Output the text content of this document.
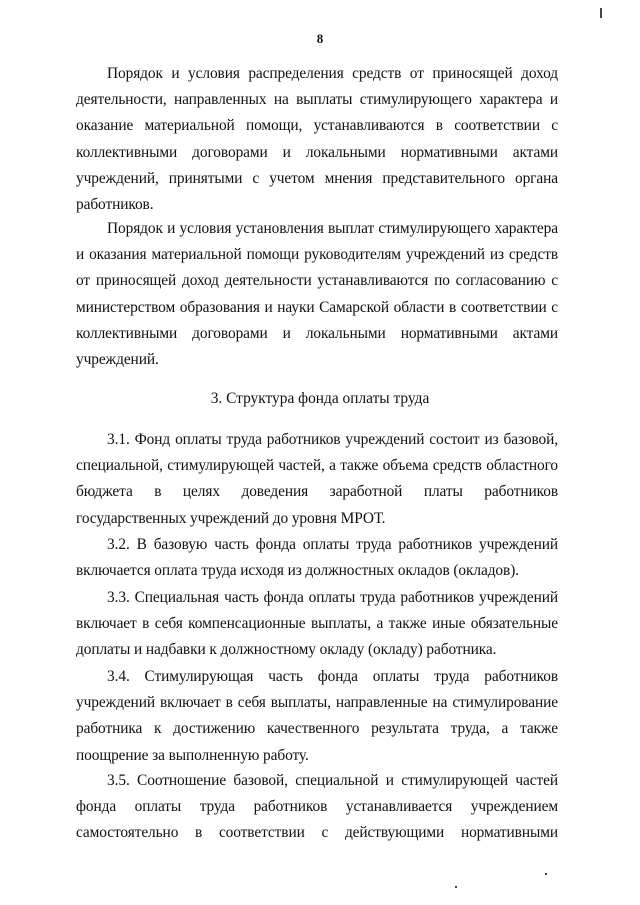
8

Порядок и условия распределения средств от приносящей доход деятельности, направленных на выплаты стимулирующего характера и оказание материальной помощи, устанавливаются в соответствии с коллективными договорами и локальными нормативными актами учреждений, принятыми с учетом мнения представительного органа работников.

Порядок и условия установления выплат стимулирующего характера и оказания материальной помощи руководителям учреждений из средств от приносящей доход деятельности устанавливаются по согласованию с министерством образования и науки Самарской области в соответствии с коллективными договорами и локальными нормативными актами учреждений.

3. Структура фонда оплаты труда

3.1. Фонд оплаты труда работников учреждений состоит из базовой, специальной, стимулирующей частей, а также объема средств областного бюджета в целях доведения заработной платы работников государственных учреждений до уровня МРОТ.

3.2. В базовую часть фонда оплаты труда работников учреждений включается оплата труда исходя из должностных окладов (окладов).

3.3. Специальная часть фонда оплаты труда работников учреждений включает в себя компенсационные выплаты, а также иные обязательные доплаты и надбавки к должностному окладу (окладу) работника.

3.4. Стимулирующая часть фонда оплаты труда работников учреждений включает в себя выплаты, направленные на стимулирование работника к достижению качественного результата труда, а также поощрение за выполненную работу.

3.5. Соотношение базовой, специальной и стимулирующей частей фонда оплаты труда работников устанавливается учреждением самостоятельно в соответствии с действующими нормативными
